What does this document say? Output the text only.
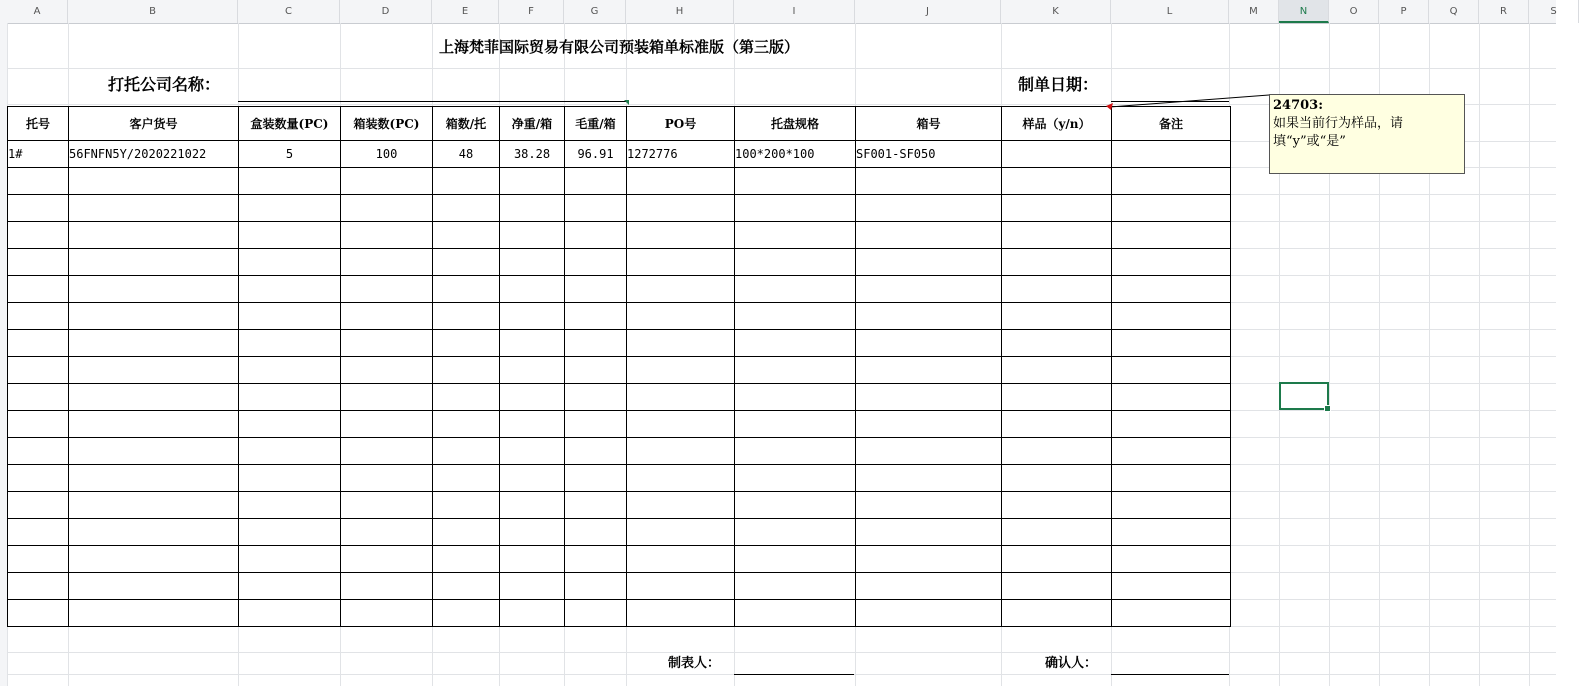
A	B	C	D	E	F	G	H	I	J	K	L	M	N	O	P	Q	R	S
上海梵菲国际贸易有限公司预装箱单标准版（第三版）
打托公司名称：	制单日期：
托号	客户货号	盒装数量(PC)	箱装数(PC)	箱数/托	净重/箱	毛重/箱	PO号	托盘规格	箱号	样品（y/n）	备注
1#	56FNFN5Y/2020221022	5	100	48	38.28	96.91	1272776	100*200*100	SF001-SF050		

制表人：	确认人：
24703:
如果当前行为样品，请填“y”或“是”
